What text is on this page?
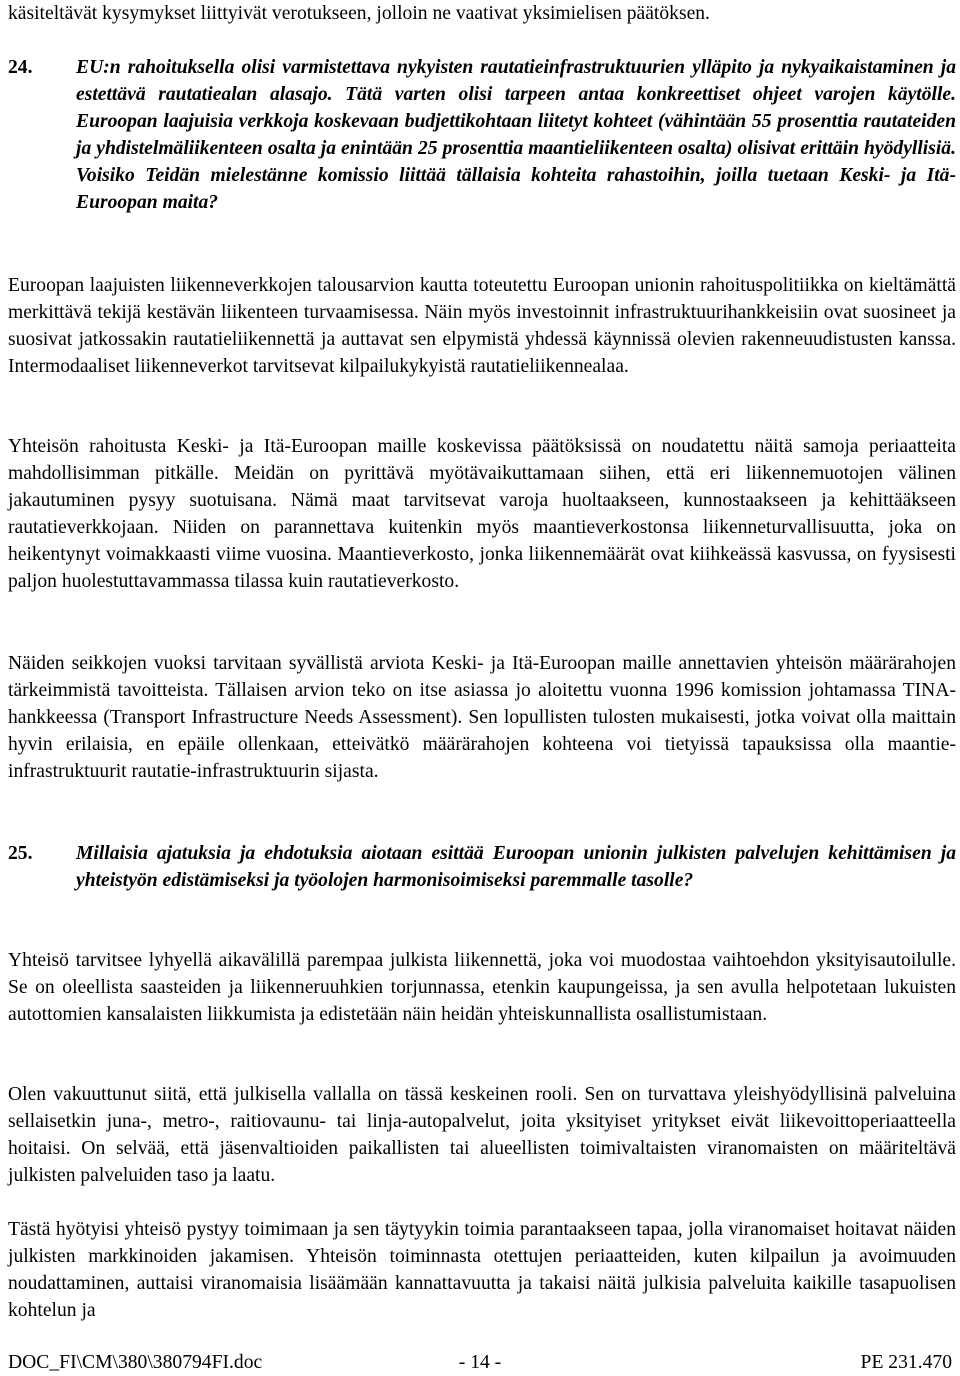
käsiteltävät kysymykset liittyivät verotukseen, jolloin ne vaativat yksimielisen päätöksen.

24.	EU:n rahoituksella olisi varmistettava nykyisten rautatieinfrastruktuurien ylläpito ja nykyaikaistaminen ja estettävä rautatiealan alasajo. Tätä varten olisi tarpeen antaa konkreettiset ohjeet varojen käytölle. Euroopan laajuisia verkkoja koskevaan budjettikohtaan liitetyt kohteet (vähintään 55 prosenttia rautateiden ja yhdistelmäliikenteen osalta ja enintään 25 prosenttia maantieliikenteen osalta) olisivat erittäin hyödyllisiä. Voisiko Teidän mielestänne komissio liittää tällaisia kohteita rahastoihin, joilla tuetaan Keski- ja Itä-Euroopan maita?

Euroopan laajuisten liikenneverkkojen talousarvion kautta toteutettu Euroopan unionin rahoituspolitiikka on kieltämättä merkittävä tekijä kestävän liikenteen turvaamisessa. Näin myös investoinnit infrastruktuurihankkeisiin ovat suosineet ja suosivat jatkossakin rautatieliikennettä ja auttavat sen elpymistä yhdessä käynnissä olevien rakenneuudistusten kanssa. Intermodaaliset liikenneverkot tarvitsevat kilpailukykyistä rautatieliikennealaa.

Yhteisön rahoitusta Keski- ja Itä-Euroopan maille koskevissa päätöksissä on noudatettu näitä samoja periaatteita mahdollisimman pitkälle. Meidän on pyrittävä myötävaikuttamaan siihen, että eri liikennemuotojen välinen jakautuminen pysyy suotuisana. Nämä maat tarvitsevat varoja huoltaakseen, kunnostaakseen ja kehittääkseen rautatieverkkojaan. Niiden on parannettava kuitenkin myös maantieverkostonsa liikenneturvallisuutta, joka on heikentynyt voimakkaasti viime vuosina. Maantieverkosto, jonka liikennemäärät ovat kiihkeässä kasvussa, on fyysisesti paljon huolestuttavammassa tilassa kuin rautatieverkosto.

Näiden seikkojen vuoksi tarvitaan syvällistä arviota Keski- ja Itä-Euroopan maille annettavien yhteisön määrärahojen tärkeimmistä tavoitteista. Tällaisen arvion teko on itse asiassa jo aloitettu vuonna 1996 komission johtamassa TINA-hankkeessa (Transport Infrastructure Needs Assessment). Sen lopullisten tulosten mukaisesti, jotka voivat olla maittain hyvin erilaisia, en epäile ollenkaan, etteivätkö määrärahojen kohteena voi tietyissä tapauksissa olla maantie-infrastruktuurit rautatie-infrastruktuurin sijasta.

25.	Millaisia ajatuksia ja ehdotuksia aiotaan esittää Euroopan unionin julkisten palvelujen kehittämisen ja yhteistyön edistämiseksi ja työolojen harmonisoimiseksi paremmalle tasolle?

Yhteisö tarvitsee lyhyellä aikavälillä parempaa julkista liikennettä, joka voi muodostaa vaihtoehdon yksityisautoilulle. Se on oleellista saasteiden ja liikenneruuhkien torjunnassa, etenkin kaupungeissa, ja sen avulla helpotetaan lukuisten autottomien kansalaisten liikkumista ja edistetään näin heidän yhteiskunnallista osallistumistaan.

Olen vakuuttunut siitä, että julkisella vallalla on tässä keskeinen rooli. Sen on turvattava yleishyödyllisinä palveluina sellaisetkin juna-, metro-, raitiovaunu- tai linja-autopalvelut, joita yksityiset yritykset eivät liikevoittoperiaatteella hoitaisi. On selvää, että jäsenvaltioiden paikallisten tai alueellisten toimivaltaisten viranomaisten on määriteltävä julkisten palveluiden taso ja laatu.

Tästä hyötyisi yhteisö pystyy toimimaan ja sen täytyykin toimia parantaakseen tapaa, jolla viranomaiset hoitavat näiden julkisten markkinoiden jakamisen. Yhteisön toiminnasta otettujen periaatteiden, kuten kilpailun ja avoimuuden noudattaminen, auttaisi viranomaisia lisäämään kannattavuutta ja takaisi näitä julkisia palveluita kaikille tasapuolisen kohtelun ja

DOC_FI\CM\380\380794FI.doc	- 14 -	PE 231.470
